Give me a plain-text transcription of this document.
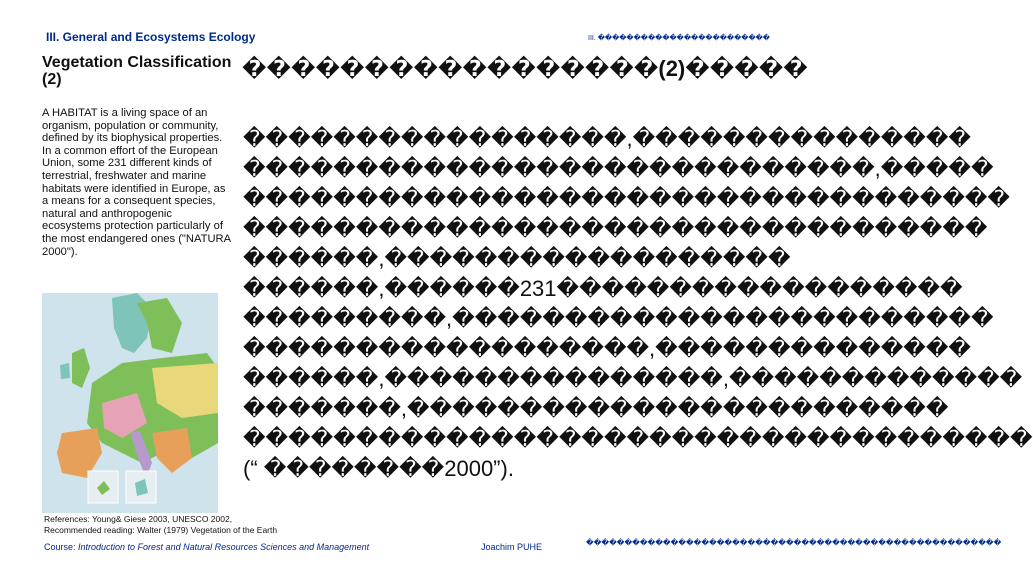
III. General and Ecosystems Ecology	III. ������������������������
Vegetation Classification (2)	�����������������(2)�����
A HABITAT is a living space of an organism, population or community, defined by its biophysical properties. In a common effort of the European Union, some 231 different kinds of terrestrial, freshwater and marine habitats were identified in Europe, as a means for a consequent species, natural and anthropogenic ecosystems protection particularly of the most endangered ones ("NATURA 2000").
�����������������,���������������
����������������������������,�����
����������������������������������
���������������������������������
������,������������������
������,������231������������������
���������,������������������������
������������������,��������������
������,���������������,�������������
�������,������������������������
�����������������������������������
(“ ��������2000”).
References: Young& Giese 2003, UNESCO 2002,
Recommended reading: Walter (1979) Vegetation of the Earth
Course: Introduction to Forest and Natural Resources Sciences and Management	Joachim PUHE	������������������������������������������������������
